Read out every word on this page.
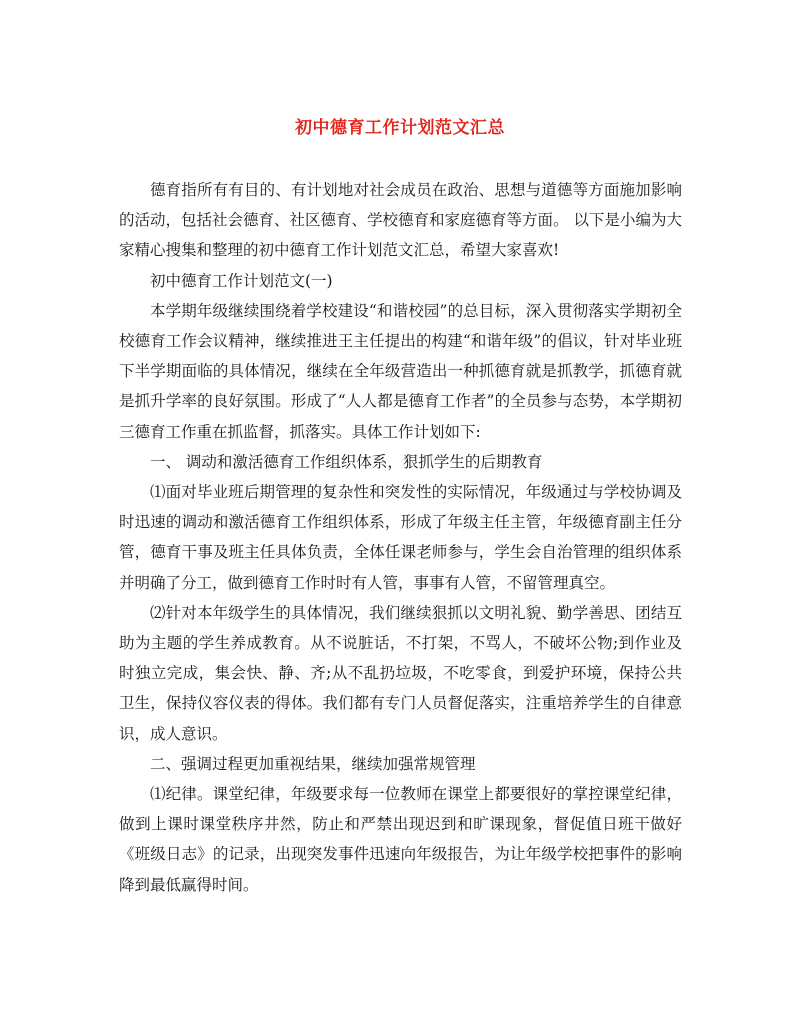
初中德育工作计划范文汇总

德育指所有有目的、有计划地对社会成员在政治、思想与道德等方面施加影响的活动，包括社会德育、社区德育、学校德育和家庭德育等方面。 以下是小编为大家精心搜集和整理的初中德育工作计划范文汇总，希望大家喜欢!

初中德育工作计划范文(一)

本学期年级继续围绕着学校建设“和谐校园”的总目标，深入贯彻落实学期初全校德育工作会议精神，继续推进王主任提出的构建“和谐年级”的倡议，针对毕业班下半学期面临的具体情况，继续在全年级营造出一种抓德育就是抓教学，抓德育就是抓升学率的良好氛围。形成了“人人都是德育工作者”的全员参与态势，本学期初三德育工作重在抓监督，抓落实。具体工作计划如下:

一、 调动和激活德育工作组织体系，狠抓学生的后期教育

⑴面对毕业班后期管理的复杂性和突发性的实际情况，年级通过与学校协调及时迅速的调动和激活德育工作组织体系，形成了年级主任主管，年级德育副主任分管，德育干事及班主任具体负责，全体任课老师参与，学生会自治管理的组织体系并明确了分工，做到德育工作时时有人管，事事有人管，不留管理真空。

⑵针对本年级学生的具体情况，我们继续狠抓以文明礼貌、勤学善思、团结互助为主题的学生养成教育。从不说脏话，不打架，不骂人，不破坏公物;到作业及时独立完成，集会快、静、齐;从不乱扔垃圾，不吃零食，到爱护环境，保持公共卫生，保持仪容仪表的得体。我们都有专门人员督促落实，注重培养学生的自律意识，成人意识。

二、强调过程更加重视结果，继续加强常规管理

⑴纪律。课堂纪律，年级要求每一位教师在课堂上都要很好的掌控课堂纪律，做到上课时课堂秩序井然，防止和严禁出现迟到和旷课现象，督促值日班干做好《班级日志》的记录，出现突发事件迅速向年级报告，为让年级学校把事件的影响降到最低赢得时间。
